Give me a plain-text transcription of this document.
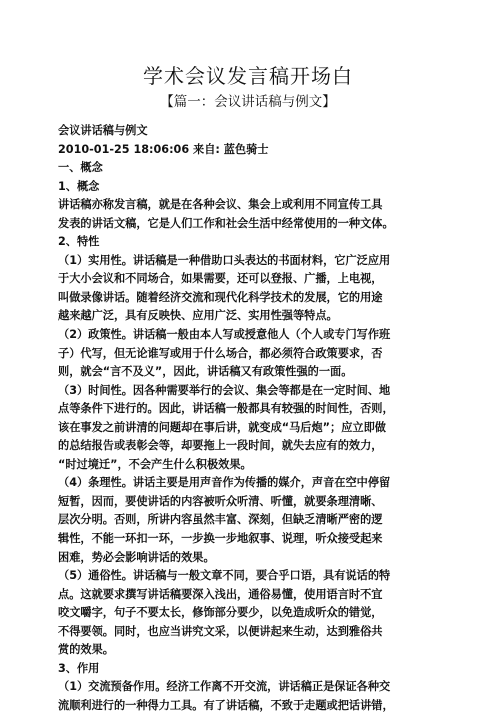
学术会议发言稿开场白
【篇一：会议讲话稿与例文】
会议讲话稿与例文
2010-01-25 18:06:06 来自: 蓝色骑士
一、概念
1、概念
讲话稿亦称发言稿，就是在各种会议、集会上或利用不同宣传工具
发表的讲话文稿，它是人们工作和社会生活中经常使用的一种文体。
2、特性
（1）实用性。讲话稿是一种借助口头表达的书面材料，它广泛应用
于大小会议和不同场合，如果需要，还可以登报、广播，上电视，
叫做录像讲话。随着经济交流和现代化科学技术的发展，它的用途
越来越广泛，具有反映快、应用广泛、实用性强等特点。
（2）政策性。讲话稿一般由本人写或授意他人（个人或专门写作班
子）代写，但无论谁写或用于什么场合，都必须符合政策要求，否
则，就会“言不及义”，因此，讲话稿又有政策性强的一面。
（3）时间性。因各种需要举行的会议、集会等都是在一定时间、地
点等条件下进行的。因此，讲话稿一般都具有较强的时间性，否则，
该在事发之前讲清的问题却在事后讲，就变成“马后炮”；应立即做
的总结报告或表彰会等，却要拖上一段时间，就失去应有的效力，
“时过境迁”，不会产生什么积极效果。
（4）条理性。讲话主要是用声音作为传播的媒介，声音在空中停留
短暂，因而，要使讲话的内容被听众听清、听懂，就要条理清晰、
层次分明。否则，所讲内容虽然丰富、深刻，但缺乏清晰严密的逻
辑性，不能一环扣一环，一步换一步地叙事、说理，听众接受起来
困难，势必会影响讲话的效果。
（5）通俗性。讲话稿与一般文章不同，要合乎口语，具有说话的特
点。这就要求撰写讲话稿要深入浅出，通俗易懂，使用语言时不宜
咬文嚼字，句子不要太长，修饰部分要少，以免造成听众的错觉，
不得要领。同时，也应当讲究文采，以便讲起来生动，达到雅俗共
赏的效果。
3、作用
（1）交流预备作用。经济工作离不开交流，讲话稿正是保证各种交
流顺利进行的一种得力工具。有了讲话稿，不致于走题或把话讲错，
